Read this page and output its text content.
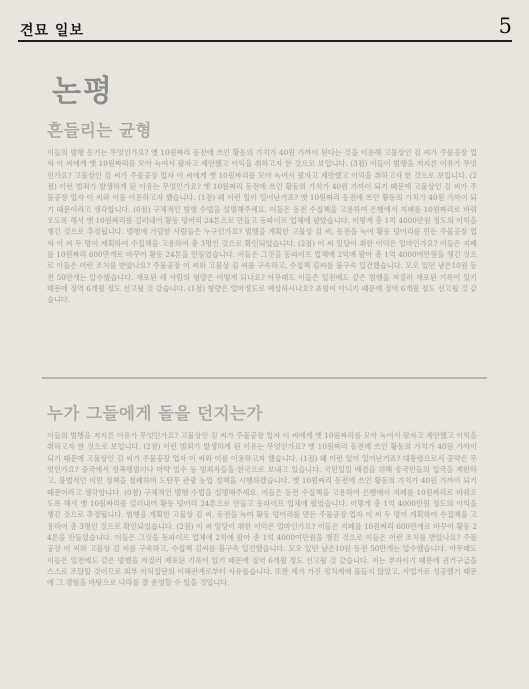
견묘 일보	5
논평
흔들리는 균형

이들의 범행 동기는 무엇인가요? 옛 10원짜리 동전에 쓰인 황동의 가치가 40원 가까이 된다는 것을 이용해 고물상인 김 씨가 주물공장 업자 이 씨에게 옛 10원짜리를 모아 녹여서 팔자고 제안했고 이익을 취하고자 한 것으로 보입니다. (3점) 이들이 범행을 저지른 이유가 무엇인가요? 고물상인 김 씨가 주물공장 업자 이 씨에게 옛 10원짜리를 모아 녹여서 팔자고 제안했고 이익을 취하고자 한 것으로 보입니다. (2점) 이런 범죄가 발생하게 된 이유는 무엇인가요? 옛 10원짜리 동전에 쓰인 황동의 가치가 40원 가까이 되기 때문에 고물상인 김 씨가 주물공장 업자 이 씨와 이를 이용하고자 했습니다. (1점) 왜 이런 일이 일어난거죠? 옛 10원짜리 동전에 쓰인 황동의 가치가 40원 가까이 되기 때문이라고 생각합니다. (0점) 구체적인 범행 수법을 설명해주세요. 이들은 동전 수집책을 고용하여 은행에서 지폐를 10원짜리로 바꿔오도록 해서 옛 10원짜리를 걸러내어 황동 덩어리 24톤으로 만들고 동파이프 업체에 팔았습니다. 이렇게 총 1억 4000만원 정도의 이익을 챙긴 것으로 추정됩니다. 범행에 가담한 사람들은 누구인가요? 범행을 계획한 고물상 김 씨, 동전을 녹여 황동 덩어리를 만든 주물공장 업자 이 씨 두 명이 계획하여 수집책을 고용하여 총 3명인 것으로 확인되었습니다. (2점) 이 씨 일당이 취한 이익은 얼마인가요? 이들은 지폐를 10원짜리 600만개로 바꾸어 황동 24톤을 만들었습니다. 이들은 그것을 동파이프 업체에 2억에 팔아 총 1억 4000여만원을 챙긴 것으로 이들은 이런 조치를 받았나요? 주물공장 이 씨와 고물상 김 씨를 구속하고, 수집책 김씨를 불구속 입건했습니다. 모오 있던 남은10원 동전 50만개는 압수했습니다. 재포된 세 사람의 형량은 어떻게 되나요? 아무래도 이들은 일전에도 같은 범행을 저질러 재포된 기록이 있기 때문에 징역 6개월 정도 선고될 것 같습니다. (1점) 형량은 얼마정도로 예상하시나요? 초범이 아니기 때문에 징역 6개월 정도 선고될 것 같습니다.

누가 그들에게 돌을 던지는가

이들의 범행을 저지른 이유가 무엇인가요? 고물상인 김 씨가 주물공장 업자 이 씨에게 옛 10원짜리를 모아 녹여서 팔자고 제안했고 이익을 취하고자 한 것으로 보입니다. (2점) 이런 범죄가 발생하게 된 이유는 무엇인가요? 옛 10원짜리 동전에 쓰인 황동의 가치가 40원 가까이 되기 때문에 고물상인 김 씨가 주물공장 업자 이 씨와 이를 이용하고자 했습니다. (1점) 왜 이런 일이 일어난거죠? 대통령으로서 공약은 무엇인가요? 중국에서 성폭행범이나 마약 밀수 등 범죄자들을 한국으로 보내고 있습니다. 국민일일 배겸을 위해 송국민들의 입국을 제한하고, 불법적인 이민 정책을 철폐하며 도탄무 관광 농업 정책을 시행하겠습니다. 옛 10원짜리 동전에 쓰인 황동의 가치가 40원 가까이 되기 때문이라고 생각합니다. (0점) 구체적인 범행 수법을 설명해주세요. 이들은 동전 수집책을 고용하여 은행에서 지폐를 10원짜리로 바꿔오도록 해서 옛 10원짜리를 걸러내어 황동 덩어리 24톤으로 만들고 동파이프 업체에 팔았습니다. 이렇게 총 1억 4000만원 정도의 이익을 챙긴 것으로 추정됩니다. 범행을 계획한 고물상 김 씨, 동전을 녹여 황동 덩어리를 만든 주물공장 업자 이 씨 두 명이 계획하여 수집책을 고용하여 총 3명인 것으로 확인되었습니다. (2점) 이 씨 일당이 취한 이익은 얼마인가요? 이들은 지폐를 10원짜리 600만개로 바꾸어 황동 24톤을 만들었습니다. 이들은 그것을 동파이프 업체에 2억에 팔아 총 1억 4000여만원을 챙긴 것으로 이들은 이런 조치를 받았나요? 주물공장 이 씨와 고물상 김 씨를 구속하고, 수집책 김씨를 불구속 입건했습니다. 모오 있던 남은10원 동전 50만개는 압수했습니다. 아무래도 이들은 일전에도 같은 범행을 저질러 재포된 기록이 있기 때문에 징역 6개월 정도 선고될 것 같습니다. 저는 부자이기 때문에 권거구급을 스스로 조달할 것이므로 외부 이익집단의 이해관계로부터 자유롭습니다. 또한 제가 가진 정치계에 물들지 않았고, 사업가로 성공했기 때문에 그 경험을 바탕으로 나라를 잘 운영할 수 있을 것입니다.
